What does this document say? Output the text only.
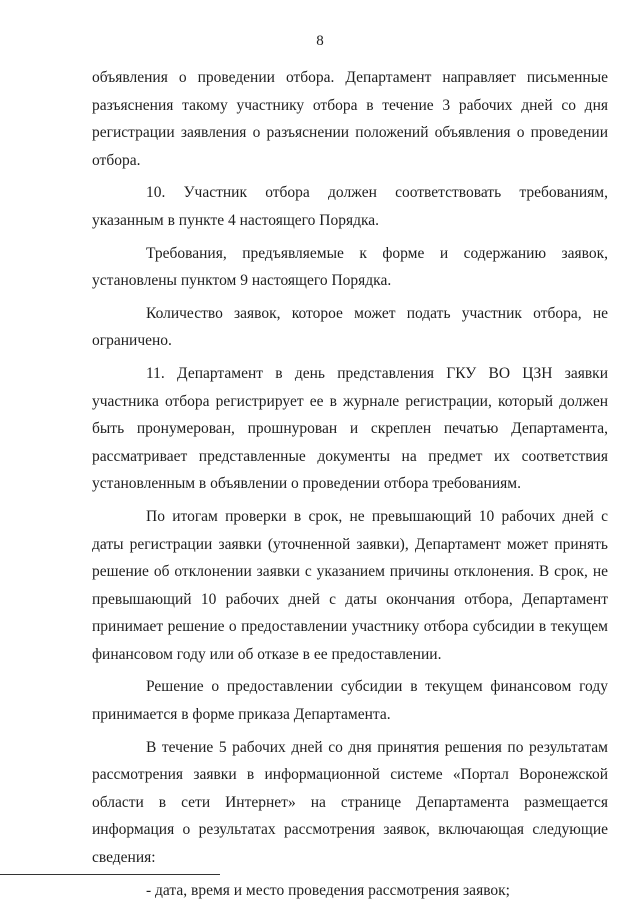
8

объявления о проведении отбора. Департамент направляет письменные разъяснения такому участнику отбора в течение 3 рабочих дней со дня регистрации заявления о разъяснении положений объявления о проведении отбора.

10. Участник отбора должен соответствовать требованиям, указанным в пункте 4 настоящего Порядка.

Требования, предъявляемые к форме и содержанию заявок, установлены пунктом 9 настоящего Порядка.

Количество заявок, которое может подать участник отбора, не ограничено.

11. Департамент в день представления ГКУ ВО ЦЗН заявки участника отбора регистрирует ее в журнале регистрации, который должен быть пронумерован, прошнурован и скреплен печатью Департамента, рассматривает представленные документы на предмет их соответствия установленным в объявлении о проведении отбора требованиям.

По итогам проверки в срок, не превышающий 10 рабочих дней с даты регистрации заявки (уточненной заявки), Департамент может принять решение об отклонении заявки с указанием причины отклонения. В срок, не превышающий 10 рабочих дней с даты окончания отбора, Департамент принимает решение о предоставлении участнику отбора субсидии в текущем финансовом году или об отказе в ее предоставлении.

Решение о предоставлении субсидии в текущем финансовом году принимается в форме приказа Департамента.

В течение 5 рабочих дней со дня принятия решения по результатам рассмотрения заявки в информационной системе «Портал Воронежской области в сети Интернет» на странице Департамента размещается информация о результатах рассмотрения заявок, включающая следующие сведения:

- дата, время и место проведения рассмотрения заявок;
